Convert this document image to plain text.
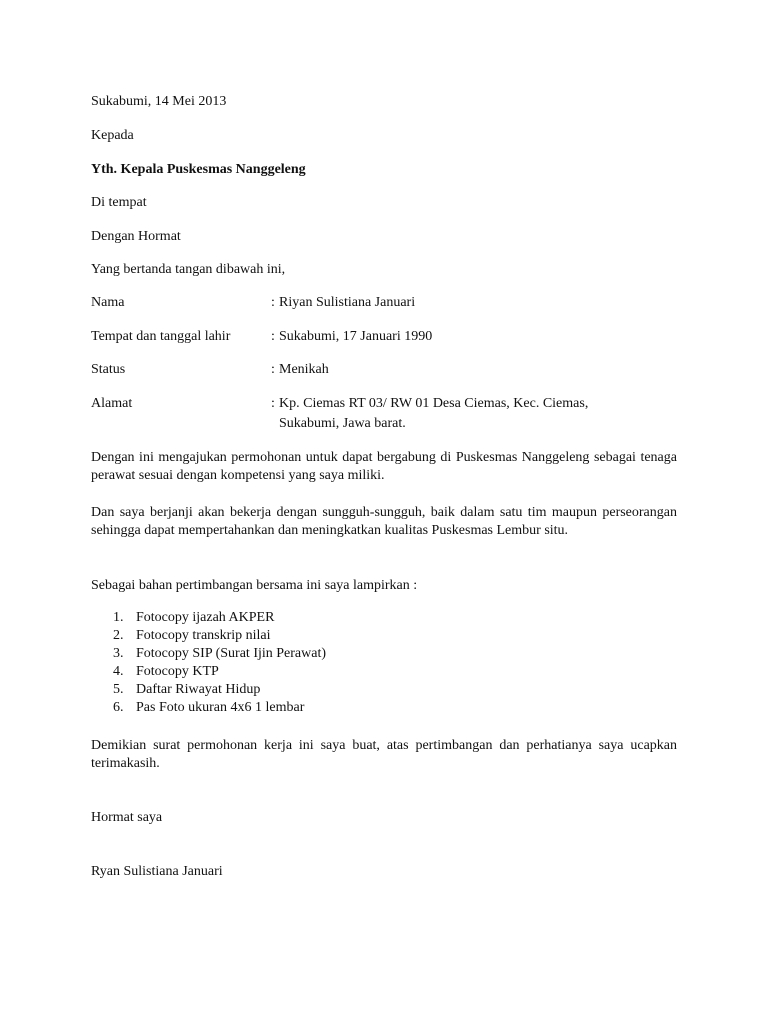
Sukabumi, 14 Mei 2013
Kepada
Yth. Kepala Puskesmas Nanggeleng
Di tempat
Dengan Hormat
Yang bertanda tangan dibawah ini,
Nama	: Riyan Sulistiana Januari
Tempat dan tanggal lahir	: Sukabumi, 17 Januari 1990
Status	: Menikah
Alamat	: Kp. Ciemas RT 03/ RW 01 Desa Ciemas, Kec. Ciemas,
Sukabumi, Jawa barat.
Dengan ini mengajukan permohonan untuk dapat bergabung di Puskesmas Nanggeleng sebagai tenaga perawat sesuai dengan kompetensi yang saya miliki.
Dan saya berjanji akan bekerja dengan sungguh-sungguh, baik dalam satu tim maupun perseorangan sehingga dapat mempertahankan dan meningkatkan kualitas Puskesmas Lembur situ.
Sebagai bahan pertimbangan bersama ini saya lampirkan :
1. Fotocopy ijazah AKPER
2. Fotocopy transkrip nilai
3. Fotocopy SIP (Surat Ijin Perawat)
4. Fotocopy KTP
5. Daftar Riwayat Hidup
6. Pas Foto ukuran 4x6 1 lembar
Demikian surat permohonan kerja ini saya buat, atas pertimbangan dan perhatianya saya ucapkan terimakasih.
Hormat saya
Ryan Sulistiana Januari
